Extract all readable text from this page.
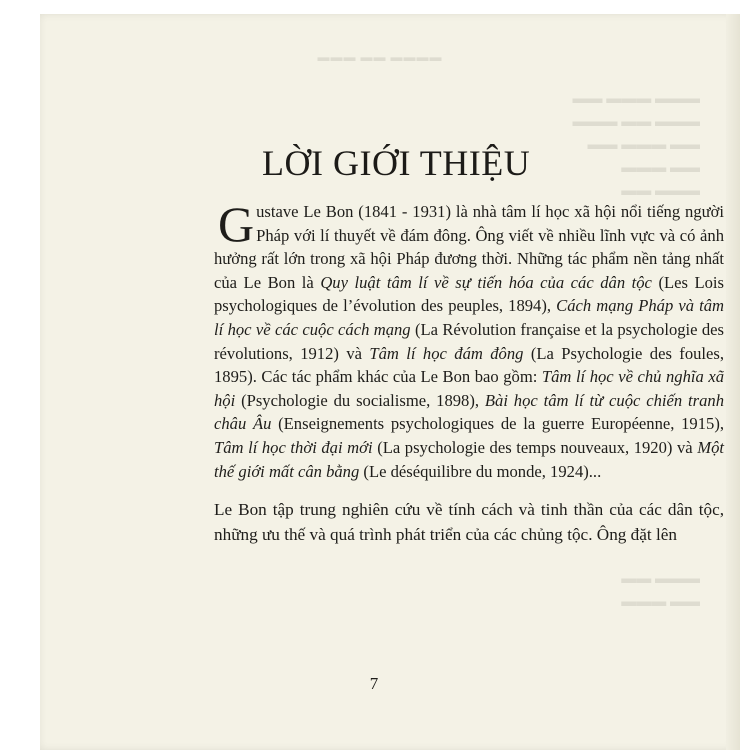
▬▬▬ ▬▬ ▬▬▬▬
▬▬ ▬▬▬ ▬▬▬
▬▬▬ ▬▬ ▬▬▬
▬▬ ▬▬▬ ▬▬
▬▬▬ ▬▬
▬▬ ▬▬▬
▬▬ ▬▬▬
▬▬▬ ▬▬
LỜI GIỚI THIỆU
Gustave Le Bon (1841 - 1931) là nhà tâm lí học xã hội nổi tiếng người Pháp với lí thuyết về đám đông. Ông viết về nhiều lĩnh vực và có ảnh hưởng rất lớn trong xã hội Pháp đương thời. Những tác phẩm nền tảng nhất của Le Bon là Quy luật tâm lí về sự tiến hóa của các dân tộc (Les Lois psychologiques de l’évolution des peuples, 1894), Cách mạng Pháp và tâm lí học về các cuộc cách mạng (La Révolution française et la psychologie des révolutions, 1912) và Tâm lí học đám đông (La Psychologie des foules, 1895). Các tác phẩm khác của Le Bon bao gồm: Tâm lí học về chủ nghĩa xã hội (Psychologie du socialisme, 1898), Bài học tâm lí từ cuộc chiến tranh châu Âu (Enseignements psychologiques de la guerre Européenne, 1915), Tâm lí học thời đại mới (La psychologie des temps nouveaux, 1920) và Một thế giới mất cân bằng (Le déséquilibre du monde, 1924)...
Le Bon tập trung nghiên cứu về tính cách và tinh thần của các dân tộc, những ưu thế và quá trình phát triển của các chủng tộc. Ông đặt lên
7
